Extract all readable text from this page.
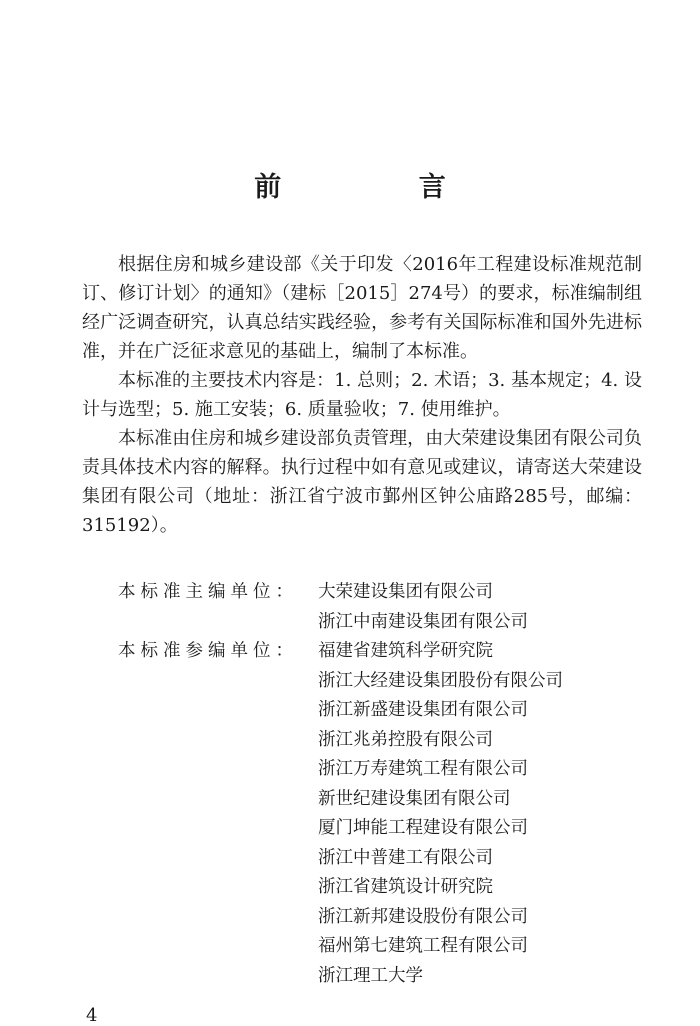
前 言

根据住房和城乡建设部《关于印发〈2016年工程建设标准规范制订、修订计划〉的通知》（建标［2015］274号）的要求，标准编制组经广泛调查研究，认真总结实践经验，参考有关国际标准和国外先进标准，并在广泛征求意见的基础上，编制了本标准。

本标准的主要技术内容是：1. 总则；2. 术语；3. 基本规定；4. 设计与选型；5. 施工安装；6. 质量验收；7. 使用维护。

本标准由住房和城乡建设部负责管理，由大荣建设集团有限公司负责具体技术内容的解释。执行过程中如有意见或建议，请寄送大荣建设集团有限公司（地址：浙江省宁波市鄞州区钟公庙路285号，邮编：315192）。

本标准主编单位：	大荣建设集团有限公司
浙江中南建设集团有限公司
本标准参编单位：	福建省建筑科学研究院
浙江大经建设集团股份有限公司
浙江新盛建设集团有限公司
浙江兆弟控股有限公司
浙江万寿建筑工程有限公司
新世纪建设集团有限公司
厦门坤能工程建设有限公司
浙江中普建工有限公司
浙江省建筑设计研究院
浙江新邦建设股份有限公司
福州第七建筑工程有限公司
浙江理工大学
4
